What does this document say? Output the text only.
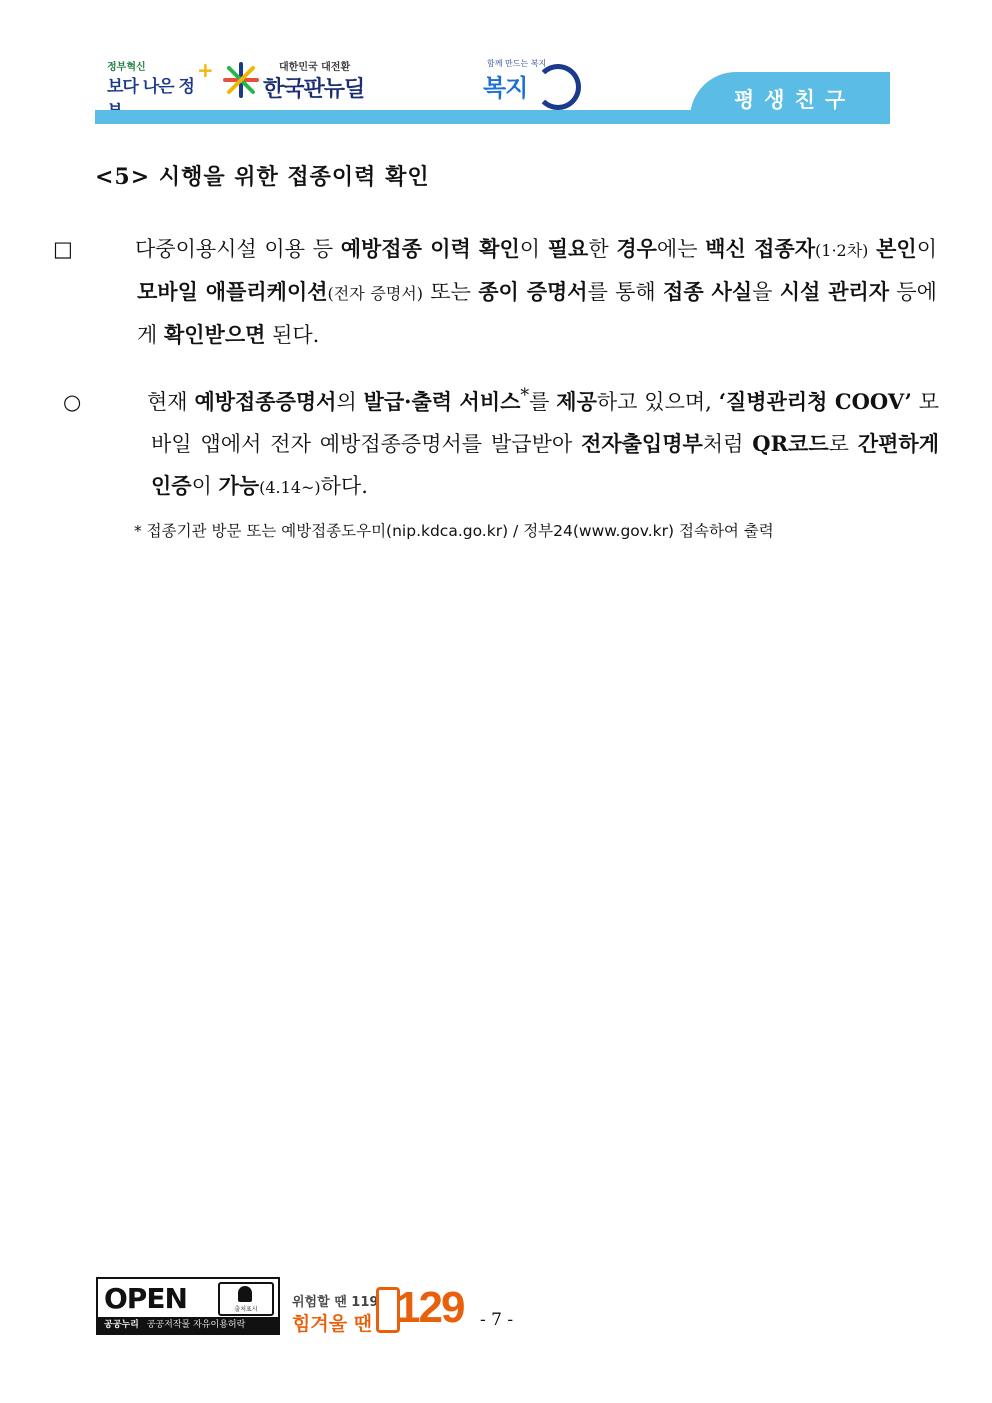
정부혁신
보다 나은 정
+	대한민국 대전환
한국판뉴딜
함께 만드는 복지
복지	평생친구
<5> 시행을 위한 접종이력 확인
□	다중이용시설 이용 등 예방접종 이력 확인이 필요한 경우에는 백신 접종자(1·2차) 본인이 모바일 애플리케이션(전자 증명서) 또는 종이 증명서를 통해 접종 사실을 시설 관리자 등에게 확인받으면 된다.
○	현재 예방접종증명서의 발급·출력 서비스*를 제공하고 있으며, ‘질병관리청 COOV’ 모바일 앱에서 전자 예방접종증명서를 발급받아 전자출입명부처럼 QR코드로 간편하게 인증이 가능(4.14~)하다.
* 접종기관 방문 또는 예방접종도우미(nip.kdca.go.kr) / 정부24(www.gov.kr) 접속하여 출력
OPEN	출처표시
공공누리 공공저작물 자유이용허락
위험할 땐 119
힘겨울 땐 129 - 7 -
